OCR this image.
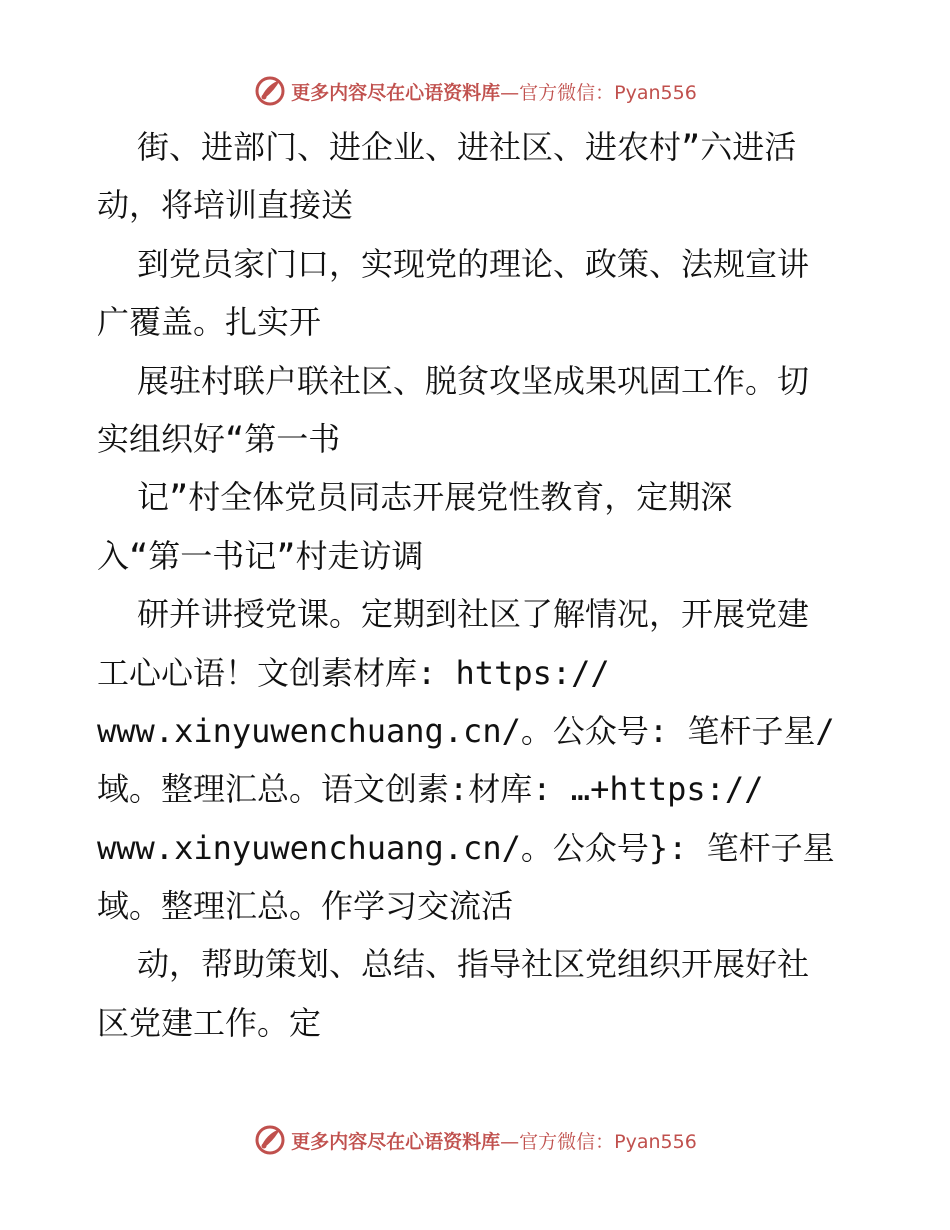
更多内容尽在心语资料库 —官方微信：Pyan556
街、进部门、进企业、进社区、进农村”六进活
动，将培训直接送
到党员家门口，实现党的理论、政策、法规宣讲
广覆盖。扎实开
展驻村联户联社区、脱贫攻坚成果巩固工作。切
实组织好“第一书
记”村全体党员同志开展党性教育，定期深
入“第一书记”村走访调
研并讲授党课。定期到社区了解情况，开展党建
工心心语！文创素材库: https://
www.xinyuwenchuang.cn/。公众号: 笔杆子星/
域。整理汇总。语文创素:材库: …+https://
www.xinyuwenchuang.cn/。公众号}: 笔杆子星
域。整理汇总。作学习交流活
动，帮助策划、总结、指导社区党组织开展好社
区党建工作。定
更多内容尽在心语资料库 —官方微信：Pyan556
